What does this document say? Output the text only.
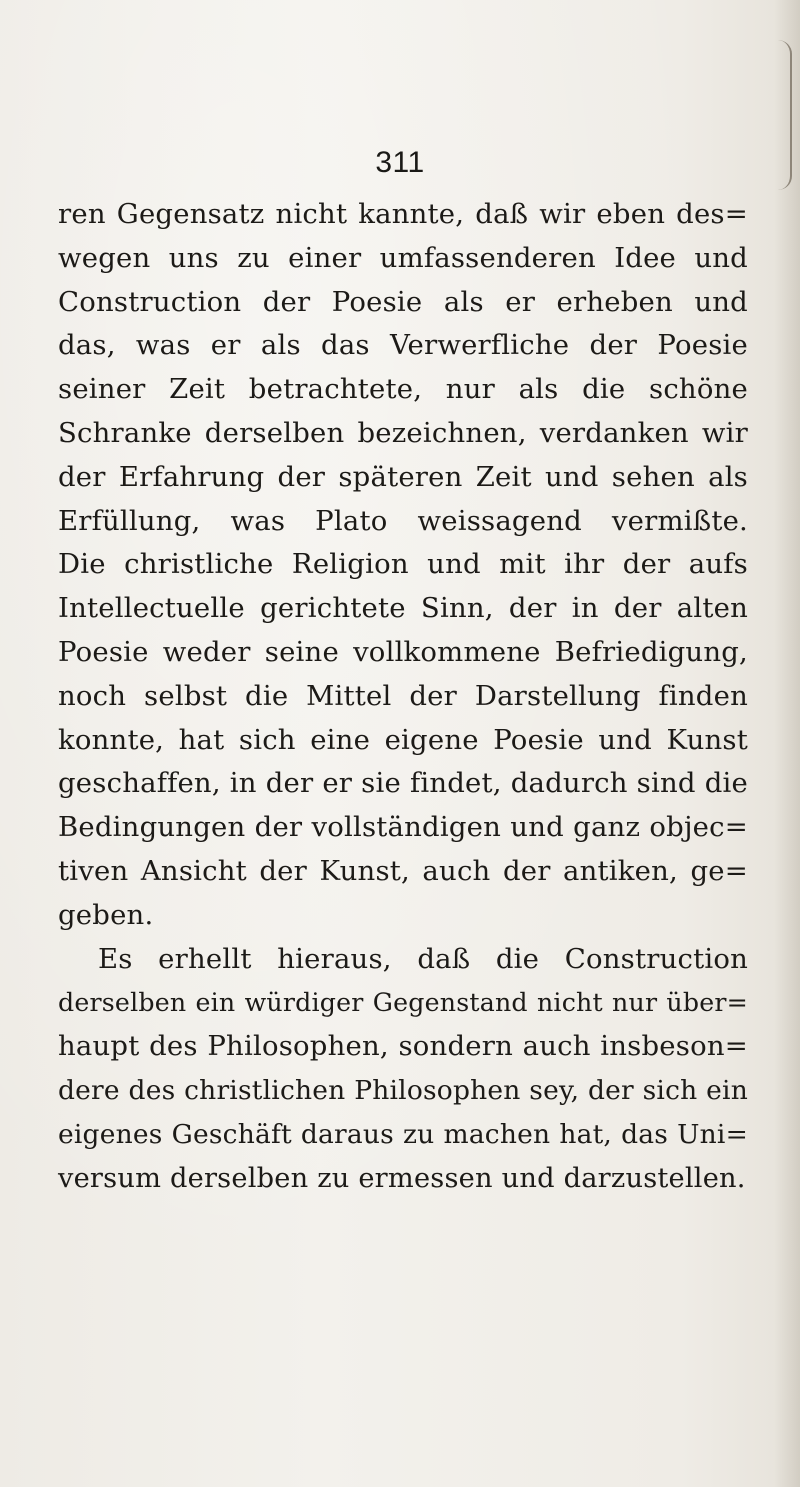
311
ren Gegensatz nicht kannte, daß wir eben des=
wegen uns zu einer umfassenderen Idee und
Construction der Poesie als er erheben und
das, was er als das Verwerfliche der Poesie
seiner Zeit betrachtete, nur als die schöne
Schranke derselben bezeichnen, verdanken wir
der Erfahrung der späteren Zeit und sehen als
Erfüllung, was Plato weissagend vermißte.
Die christliche Religion und mit ihr der aufs
Intellectuelle gerichtete Sinn, der in der alten
Poesie weder seine vollkommene Befriedigung,
noch selbst die Mittel der Darstellung finden
konnte, hat sich eine eigene Poesie und Kunst
geschaffen, in der er sie findet, dadurch sind die
Bedingungen der vollständigen und ganz objec=
tiven Ansicht der Kunst, auch der antiken, ge=
geben.
Es erhellt hieraus, daß die Construction
derselben ein würdiger Gegenstand nicht nur über=
haupt des Philosophen, sondern auch insbeson=
dere des christlichen Philosophen sey, der sich ein
eigenes Geschäft daraus zu machen hat, das Uni=
versum derselben zu ermessen und darzustellen.
